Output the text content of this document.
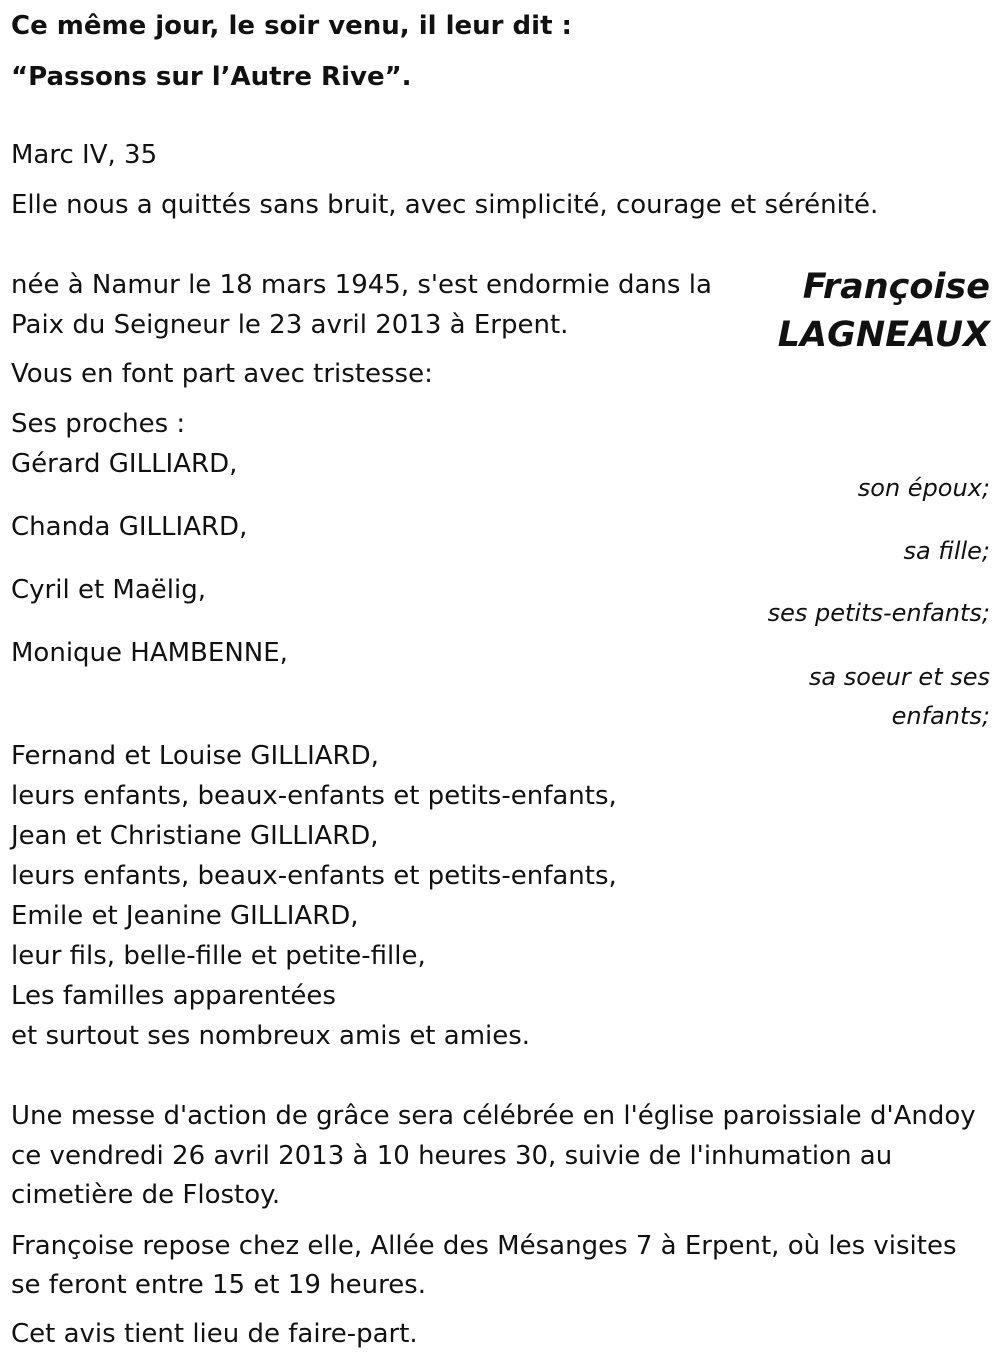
Ce même jour, le soir venu, il leur dit :
“Passons sur l’Autre Rive”.
Marc IV, 35
Elle nous a quittés sans bruit, avec simplicité, courage et sérénité.
Françoise
LAGNEAUX
née à Namur le 18 mars 1945, s'est endormie dans la
Paix du Seigneur le 23 avril 2013 à Erpent.
Vous en font part avec tristesse:
Ses proches :
Gérard GILLIARD,
son époux;
Chanda GILLIARD,
sa fille;
Cyril et Maëlig,
ses petits-enfants;
Monique HAMBENNE,
sa soeur et ses
enfants;
Fernand et Louise GILLIARD,
leurs enfants, beaux-enfants et petits-enfants,
Jean et Christiane GILLIARD,
leurs enfants, beaux-enfants et petits-enfants,
Emile et Jeanine GILLIARD,
leur fils, belle-fille et petite-fille,
Les familles apparentées
et surtout ses nombreux amis et amies.
Une messe d'action de grâce sera célébrée en l'église paroissiale d'Andoy
ce vendredi 26 avril 2013 à 10 heures 30, suivie de l'inhumation au
cimetière de Flostoy.
Françoise repose chez elle, Allée des Mésanges 7 à Erpent, où les visites
se feront entre 15 et 19 heures.
Cet avis tient lieu de faire-part.
